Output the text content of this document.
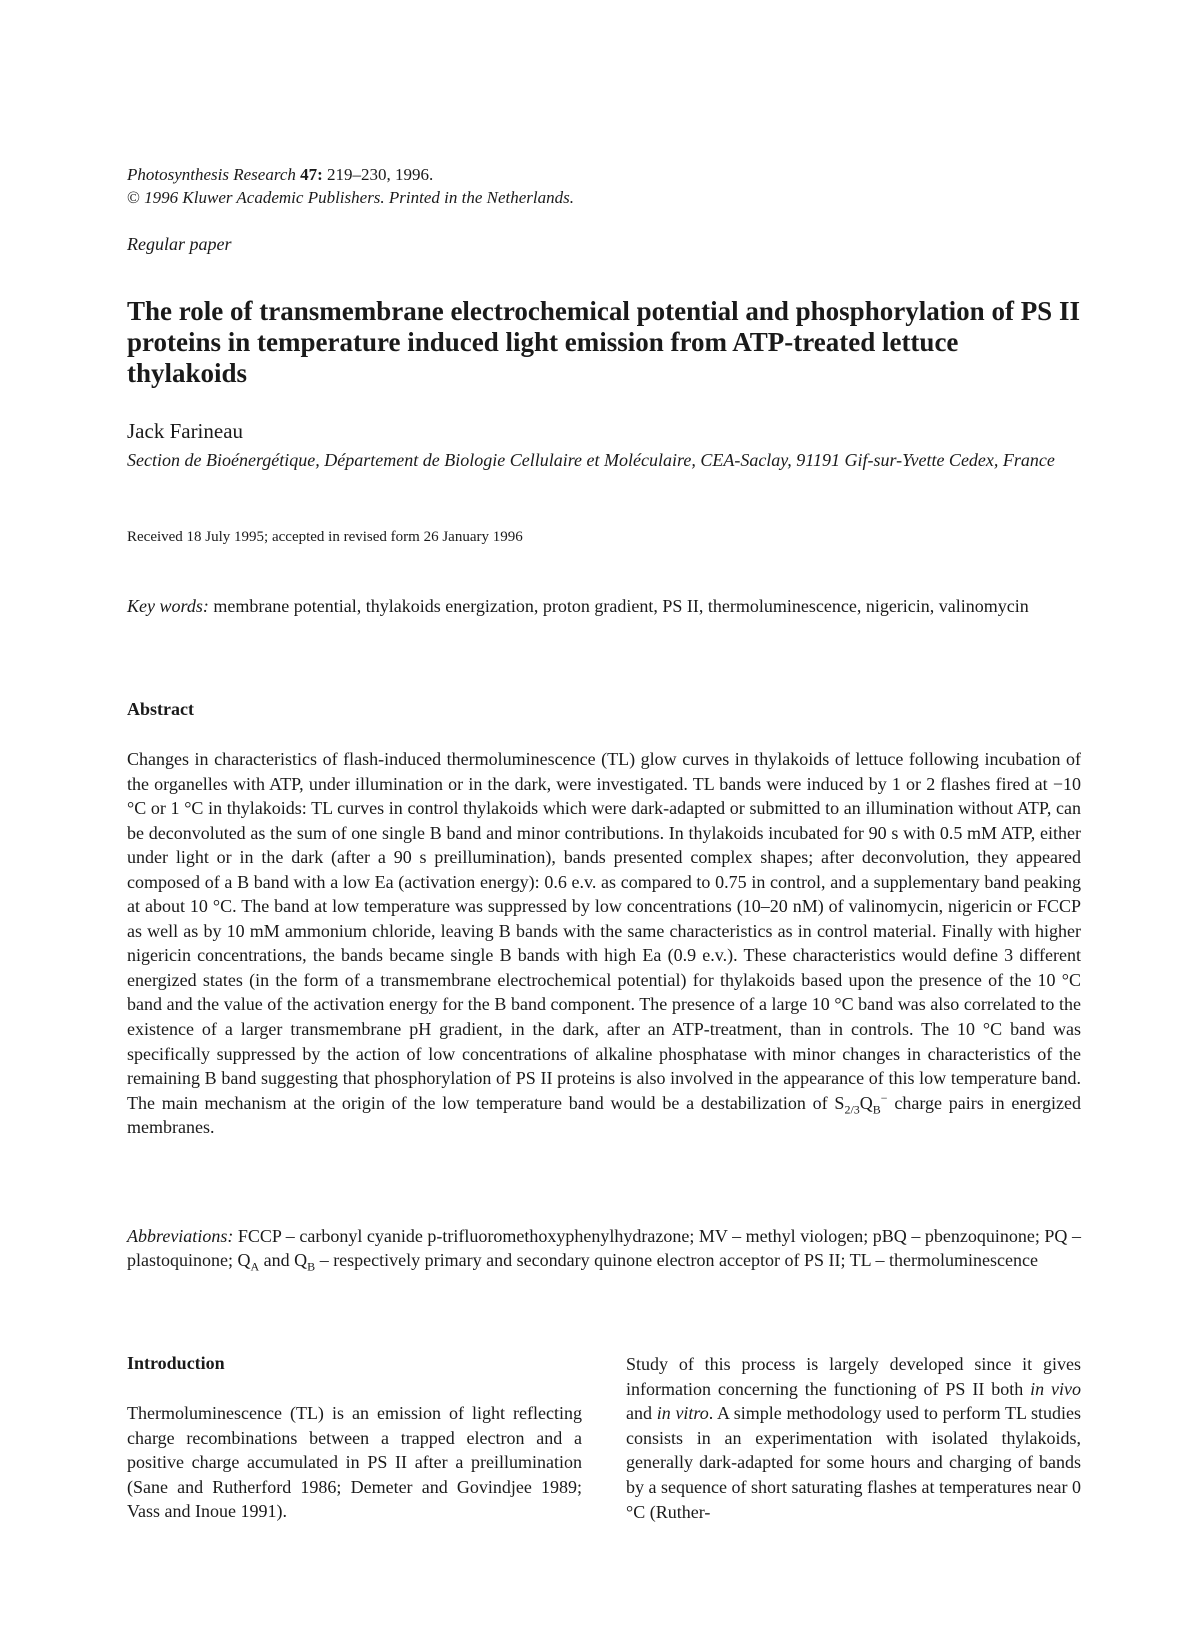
Photosynthesis Research 47: 219–230, 1996.
© 1996 Kluwer Academic Publishers. Printed in the Netherlands.
Regular paper
The role of transmembrane electrochemical potential and phosphorylation of PS II proteins in temperature induced light emission from ATP-treated lettuce thylakoids
Jack Farineau
Section de Bioénergétique, Département de Biologie Cellulaire et Moléculaire, CEA-Saclay, 91191 Gif-sur-Yvette Cedex, France
Received 18 July 1995; accepted in revised form 26 January 1996
Key words: membrane potential, thylakoids energization, proton gradient, PS II, thermoluminescence, nigericin, valinomycin
Abstract

Changes in characteristics of flash-induced thermoluminescence (TL) glow curves in thylakoids of lettuce following incubation of the organelles with ATP, under illumination or in the dark, were investigated. TL bands were induced by 1 or 2 flashes fired at −10 °C or 1 °C in thylakoids: TL curves in control thylakoids which were dark-adapted or submitted to an illumination without ATP, can be deconvoluted as the sum of one single B band and minor contributions. In thylakoids incubated for 90 s with 0.5 mM ATP, either under light or in the dark (after a 90 s preillumination), bands presented complex shapes; after deconvolution, they appeared composed of a B band with a low Ea (activation energy): 0.6 e.v. as compared to 0.75 in control, and a supplementary band peaking at about 10 °C. The band at low temperature was suppressed by low concentrations (10–20 nM) of valinomycin, nigericin or FCCP as well as by 10 mM ammonium chloride, leaving B bands with the same characteristics as in control material. Finally with higher nigericin concentrations, the bands became single B bands with high Ea (0.9 e.v.). These characteristics would define 3 different energized states (in the form of a transmembrane electrochemical potential) for thylakoids based upon the presence of the 10 °C band and the value of the activation energy for the B band component. The presence of a large 10 °C band was also correlated to the existence of a larger transmembrane pH gradient, in the dark, after an ATP-treatment, than in controls. The 10 °C band was specifically suppressed by the action of low concentrations of alkaline phosphatase with minor changes in characteristics of the remaining B band suggesting that phosphorylation of PS II proteins is also involved in the appearance of this low temperature band. The main mechanism at the origin of the low temperature band would be a destabilization of $S_{2/3}Q_B^-$ charge pairs in energized membranes.

Abbreviations: FCCP – carbonyl cyanide p-trifluoromethoxyphenylhydrazone; MV – methyl viologen; pBQ – pbenzoquinone; PQ – plastoquinone; $Q_A$ and $Q_B$ – respectively primary and secondary quinone electron acceptor of PS II; TL – thermoluminescence

Introduction

Thermoluminescence (TL) is an emission of light reflecting charge recombinations between a trapped electron and a positive charge accumulated in PS II after a preillumination (Sane and Rutherford 1986; Demeter and Govindjee 1989; Vass and Inoue 1991).

Study of this process is largely developed since it gives information concerning the functioning of PS II both in vivo and in vitro. A simple methodology used to perform TL studies consists in an experimentation with isolated thylakoids, generally dark-adapted for some hours and charging of bands by a sequence of short saturating flashes at temperatures near 0 °C (Ruther-
